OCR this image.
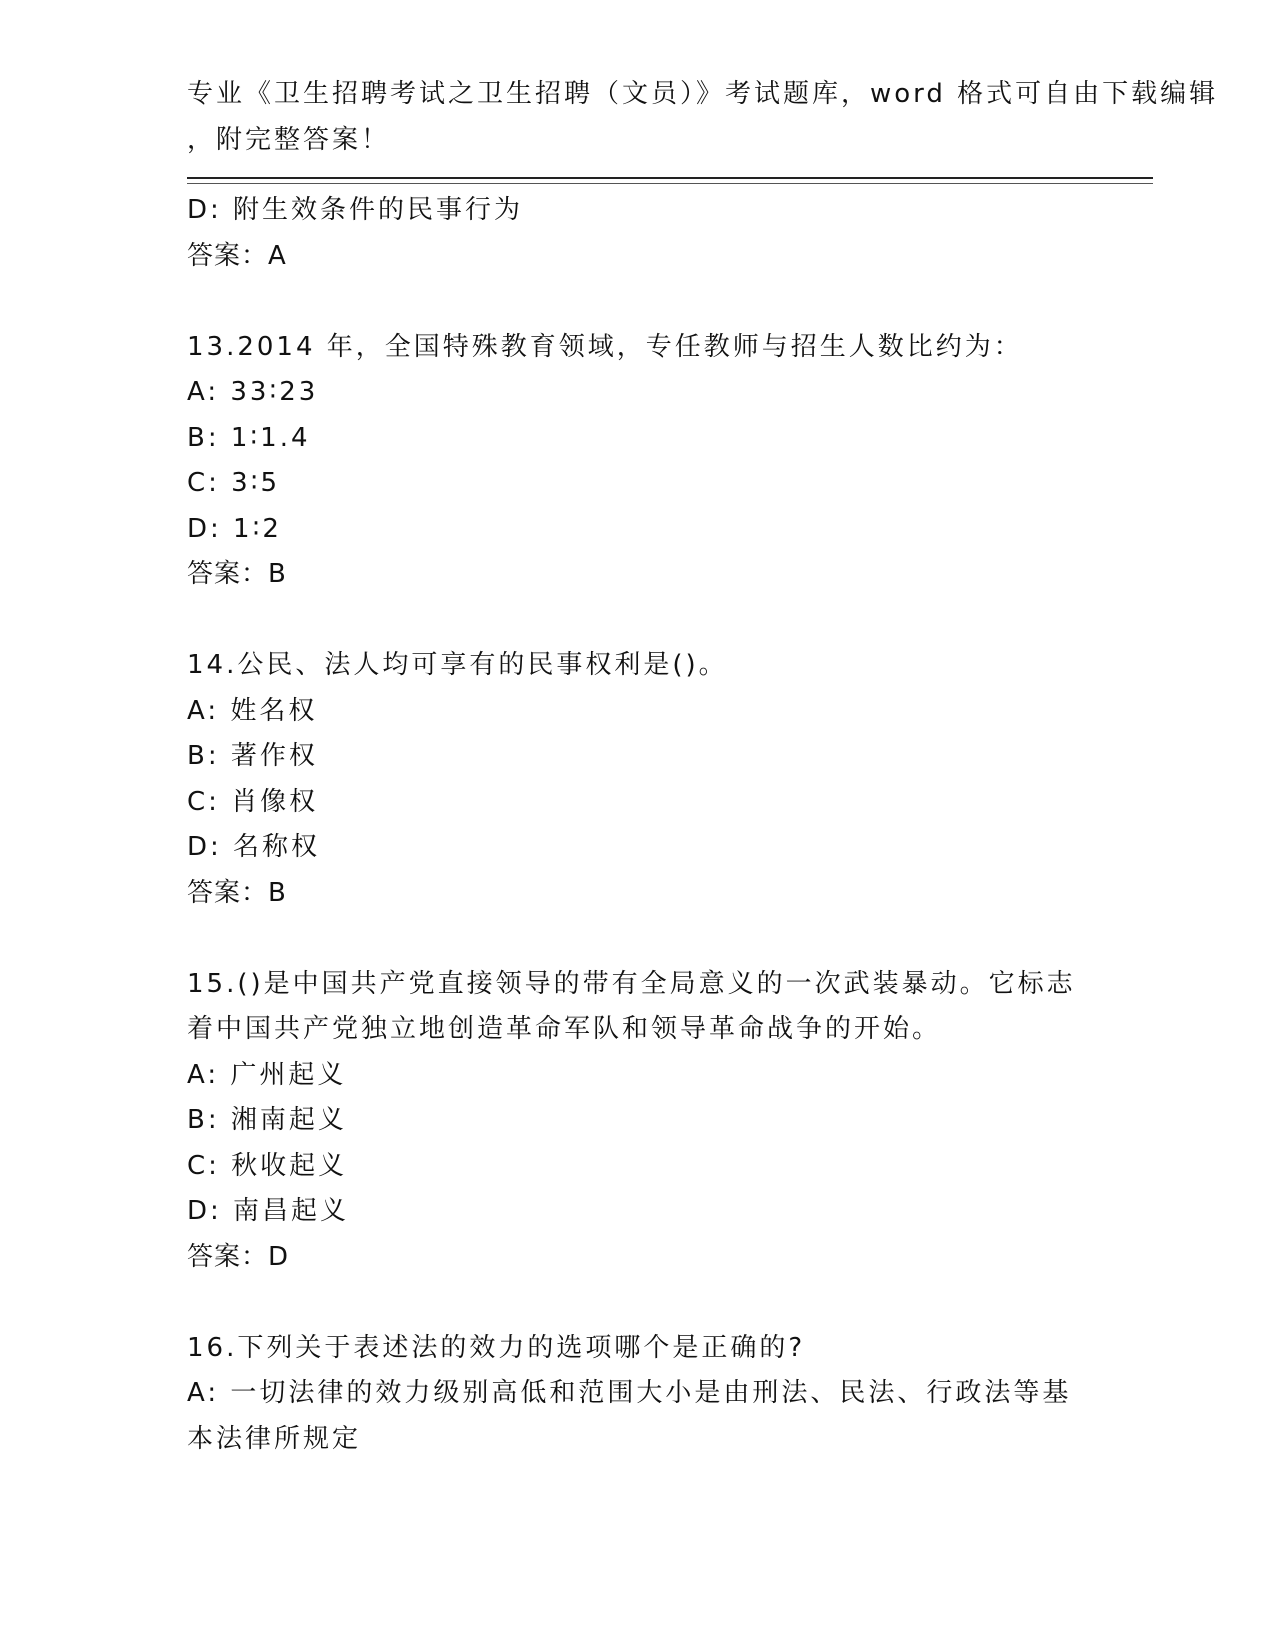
专业《卫生招聘考试之卫生招聘（文员）》考试题库，word 格式可自由下载编辑
，附完整答案！
D: 附生效条件的民事行为
答案：A
13.2014 年，全国特殊教育领域，专任教师与招生人数比约为：
A: 33∶23
B: 1∶1.4
C: 3∶5
D: 1∶2
答案：B
14.公民、法人均可享有的民事权利是()。
A: 姓名权
B: 著作权
C: 肖像权
D: 名称权
答案：B
15.()是中国共产党直接领导的带有全局意义的一次武装暴动。它标志
着中国共产党独立地创造革命军队和领导革命战争的开始。
A: 广州起义
B: 湘南起义
C: 秋收起义
D: 南昌起义
答案：D
16.下列关于表述法的效力的选项哪个是正确的?
A: 一切法律的效力级别高低和范围大小是由刑法、民法、行政法等基
本法律所规定
